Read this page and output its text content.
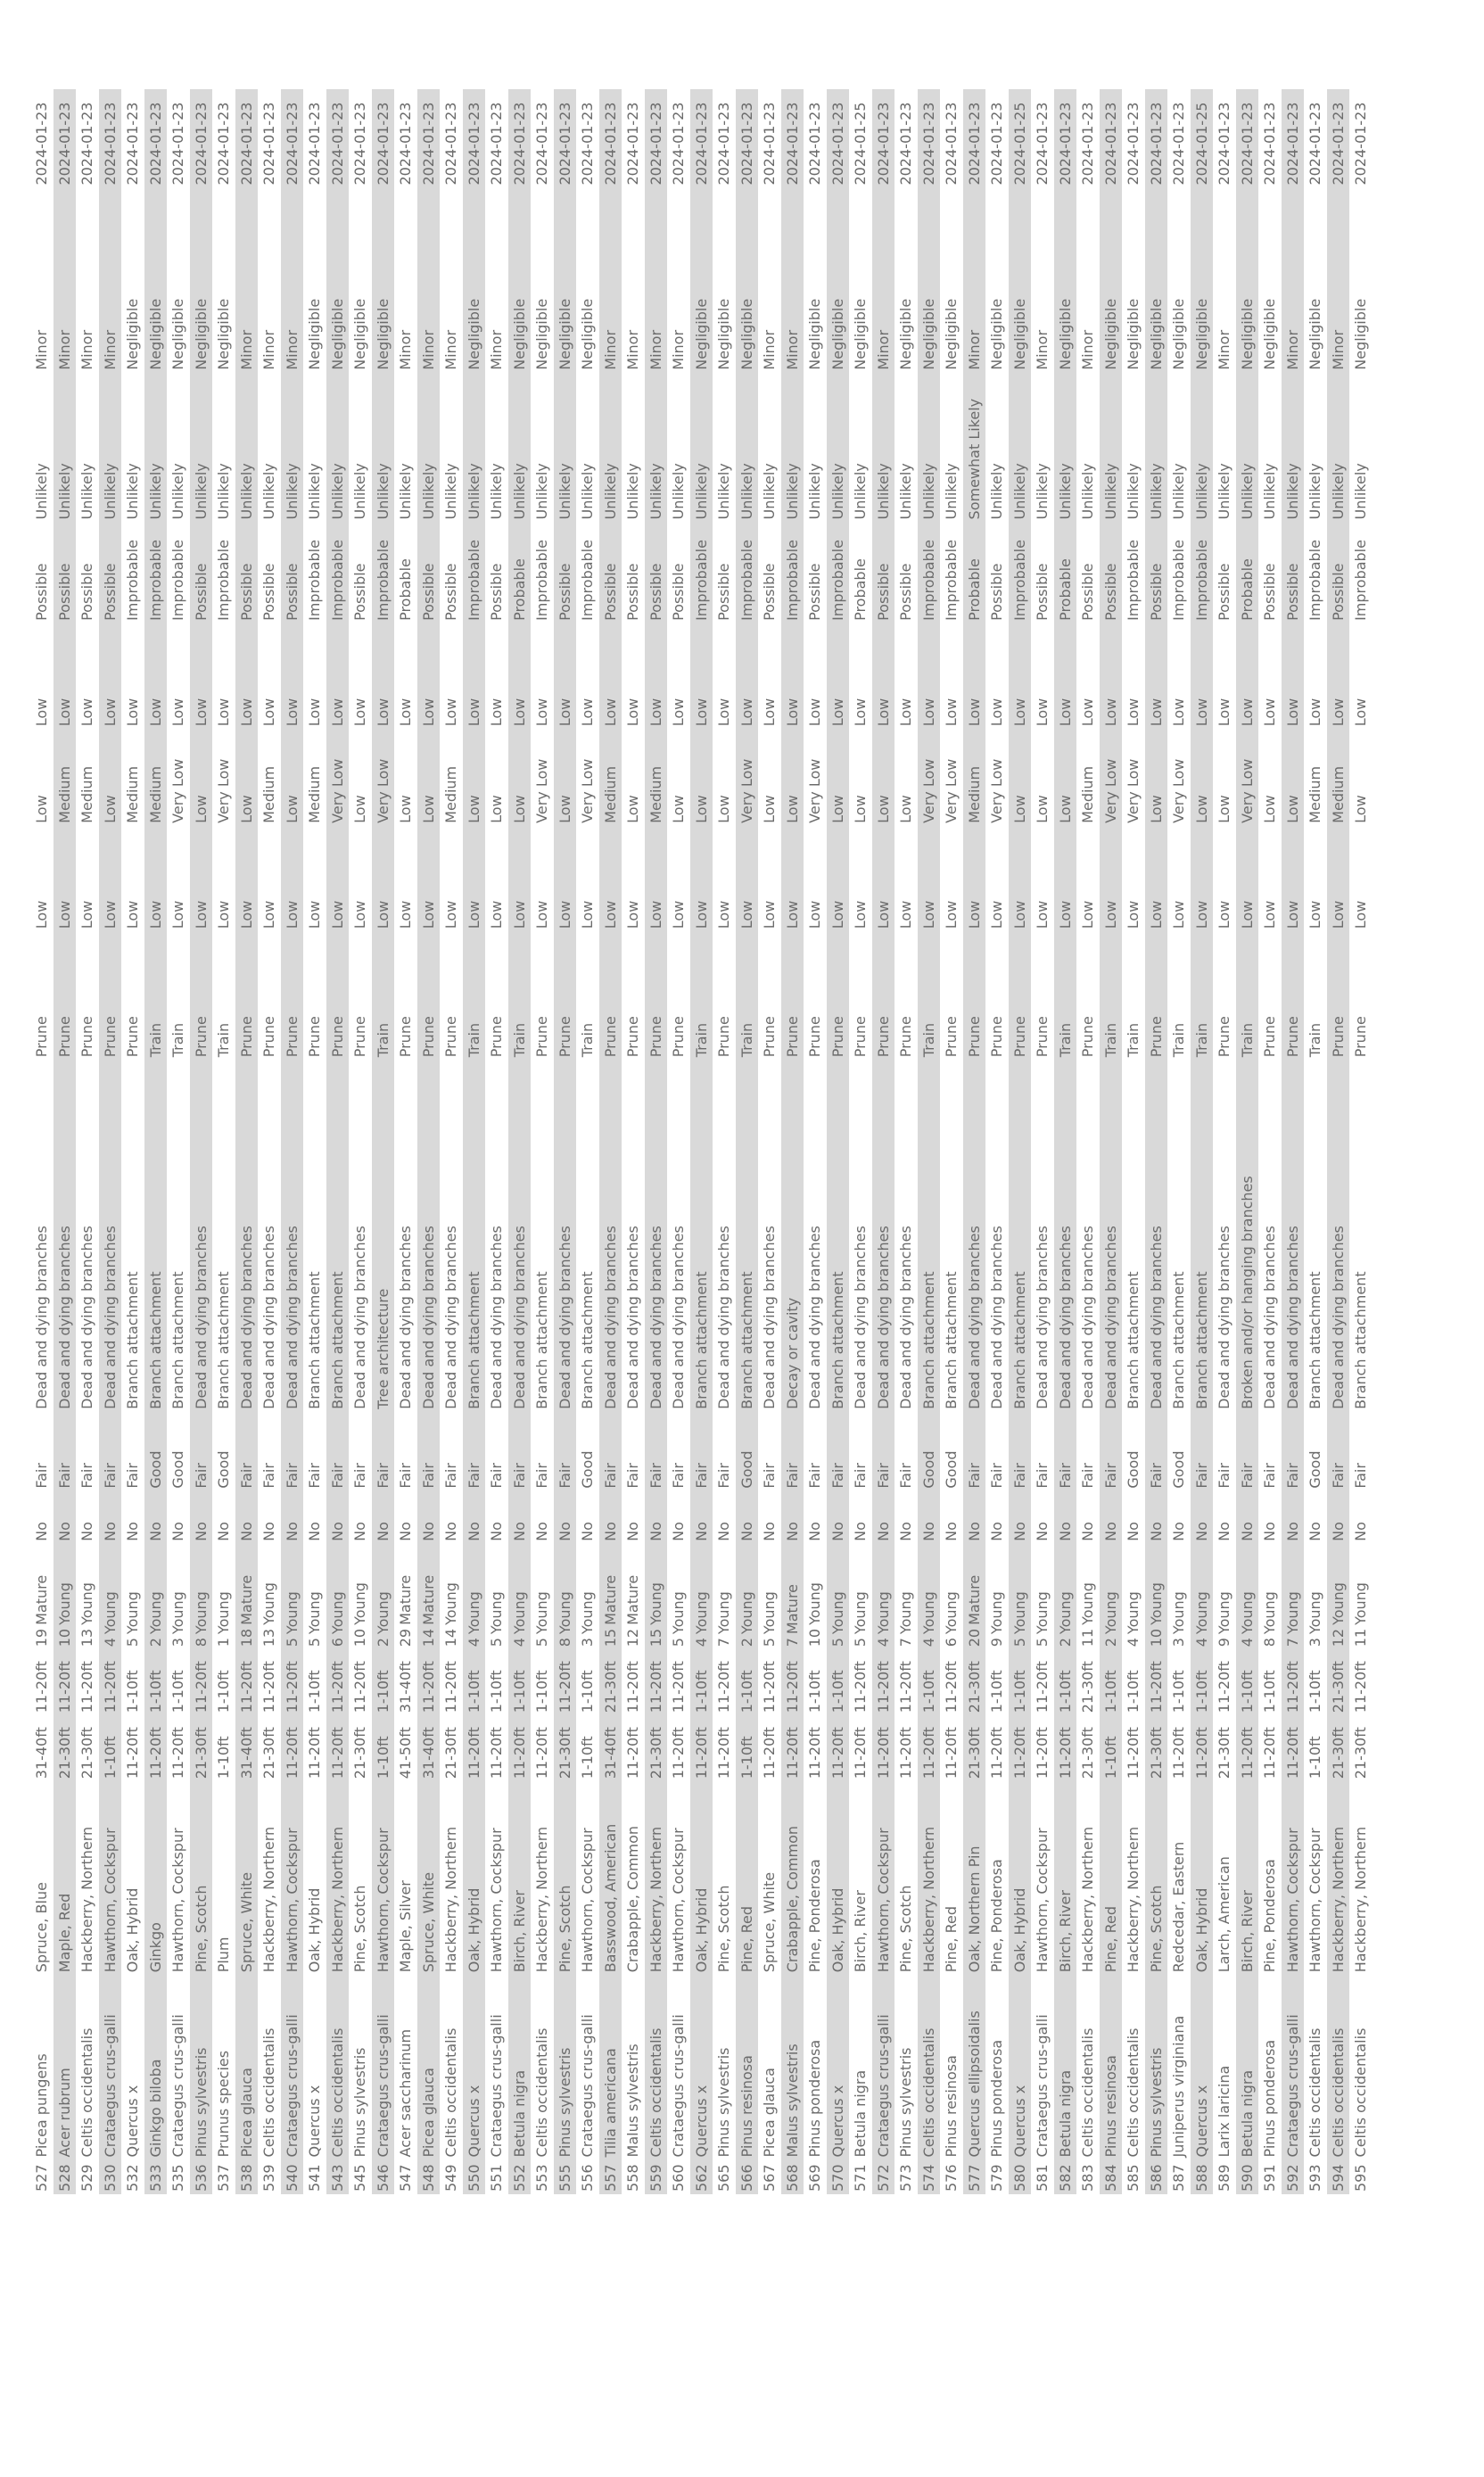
527
Picea pungens
Spruce, Blue
31-40ft
11-20ft
19Mature
No
Fair
Dead and dying branches
Prune
Low
Low
Low
Possible
Unlikely
Minor
2024-01-23
528
Acer rubrum
Maple, Red
21-30ft
11-20ft
10Young
No
Fair
Dead and dying branches
Prune
Low
Medium
Low
Possible
Unlikely
Minor
2024-01-23
529
Celtis occidentalis
Hackberry, Northern
21-30ft
11-20ft
13Young
No
Fair
Dead and dying branches
Prune
Low
Medium
Low
Possible
Unlikely
Minor
2024-01-23
530
Crataegus crus-galli
Hawthorn, Cockspur
1-10ft
11-20ft
4Young
No
Fair
Dead and dying branches
Prune
Low
Low
Low
Possible
Unlikely
Minor
2024-01-23
532
Quercus x
Oak, Hybrid
11-20ft
1-10ft
5Young
No
Fair
Branch attachment
Prune
Low
Medium
Low
Improbable
Unlikely
Negligible
2024-01-23
533
Ginkgo biloba
Ginkgo
11-20ft
1-10ft
2Young
No
Good
Branch attachment
Train
Low
Medium
Low
Improbable
Unlikely
Negligible
2024-01-23
535
Crataegus crus-galli
Hawthorn, Cockspur
11-20ft
1-10ft
3Young
No
Good
Branch attachment
Train
Low
Very Low
Low
Improbable
Unlikely
Negligible
2024-01-23
536
Pinus sylvestris
Pine, Scotch
21-30ft
11-20ft
8Young
No
Fair
Dead and dying branches
Prune
Low
Low
Low
Possible
Unlikely
Negligible
2024-01-23
537
Prunus species
Plum
1-10ft
1-10ft
1Young
No
Good
Branch attachment
Train
Low
Very Low
Low
Improbable
Unlikely
Negligible
2024-01-23
538
Picea glauca
Spruce, White
31-40ft
11-20ft
18Mature
No
Fair
Dead and dying branches
Prune
Low
Low
Low
Possible
Unlikely
Minor
2024-01-23
539
Celtis occidentalis
Hackberry, Northern
21-30ft
11-20ft
13Young
No
Fair
Dead and dying branches
Prune
Low
Medium
Low
Possible
Unlikely
Minor
2024-01-23
540
Crataegus crus-galli
Hawthorn, Cockspur
11-20ft
11-20ft
5Young
No
Fair
Dead and dying branches
Prune
Low
Low
Low
Possible
Unlikely
Minor
2024-01-23
541
Quercus x
Oak, Hybrid
11-20ft
1-10ft
5Young
No
Fair
Branch attachment
Prune
Low
Medium
Low
Improbable
Unlikely
Negligible
2024-01-23
543
Celtis occidentalis
Hackberry, Northern
11-20ft
11-20ft
6Young
No
Fair
Branch attachment
Prune
Low
Very Low
Low
Improbable
Unlikely
Negligible
2024-01-23
545
Pinus sylvestris
Pine, Scotch
21-30ft
11-20ft
10Young
No
Fair
Dead and dying branches
Prune
Low
Low
Low
Possible
Unlikely
Negligible
2024-01-23
546
Crataegus crus-galli
Hawthorn, Cockspur
1-10ft
1-10ft
2Young
No
Fair
Tree architecture
Train
Low
Very Low
Low
Improbable
Unlikely
Negligible
2024-01-23
547
Acer saccharinum
Maple, Silver
41-50ft
31-40ft
29Mature
No
Fair
Dead and dying branches
Prune
Low
Low
Low
Probable
Unlikely
Minor
2024-01-23
548
Picea glauca
Spruce, White
31-40ft
11-20ft
14Mature
No
Fair
Dead and dying branches
Prune
Low
Low
Low
Possible
Unlikely
Minor
2024-01-23
549
Celtis occidentalis
Hackberry, Northern
21-30ft
11-20ft
14Young
No
Fair
Dead and dying branches
Prune
Low
Medium
Low
Possible
Unlikely
Minor
2024-01-23
550
Quercus x
Oak, Hybrid
11-20ft
1-10ft
4Young
No
Fair
Branch attachment
Train
Low
Low
Low
Improbable
Unlikely
Negligible
2024-01-23
551
Crataegus crus-galli
Hawthorn, Cockspur
11-20ft
1-10ft
5Young
No
Fair
Dead and dying branches
Prune
Low
Low
Low
Possible
Unlikely
Minor
2024-01-23
552
Betula nigra
Birch, River
11-20ft
1-10ft
4Young
No
Fair
Dead and dying branches
Train
Low
Low
Low
Probable
Unlikely
Negligible
2024-01-23
553
Celtis occidentalis
Hackberry, Northern
11-20ft
1-10ft
5Young
No
Fair
Branch attachment
Prune
Low
Very Low
Low
Improbable
Unlikely
Negligible
2024-01-23
555
Pinus sylvestris
Pine, Scotch
21-30ft
11-20ft
8Young
No
Fair
Dead and dying branches
Prune
Low
Low
Low
Possible
Unlikely
Negligible
2024-01-23
556
Crataegus crus-galli
Hawthorn, Cockspur
1-10ft
1-10ft
3Young
No
Good
Branch attachment
Train
Low
Very Low
Low
Improbable
Unlikely
Negligible
2024-01-23
557
Tilia americana
Basswood, American
31-40ft
21-30ft
15Mature
No
Fair
Dead and dying branches
Prune
Low
Medium
Low
Possible
Unlikely
Minor
2024-01-23
558
Malus sylvestris
Crabapple, Common
11-20ft
11-20ft
12Mature
No
Fair
Dead and dying branches
Prune
Low
Low
Low
Possible
Unlikely
Minor
2024-01-23
559
Celtis occidentalis
Hackberry, Northern
21-30ft
11-20ft
15Young
No
Fair
Dead and dying branches
Prune
Low
Medium
Low
Possible
Unlikely
Minor
2024-01-23
560
Crataegus crus-galli
Hawthorn, Cockspur
11-20ft
11-20ft
5Young
No
Fair
Dead and dying branches
Prune
Low
Low
Low
Possible
Unlikely
Minor
2024-01-23
562
Quercus x
Oak, Hybrid
11-20ft
1-10ft
4Young
No
Fair
Branch attachment
Train
Low
Low
Low
Improbable
Unlikely
Negligible
2024-01-23
565
Pinus sylvestris
Pine, Scotch
11-20ft
11-20ft
7Young
No
Fair
Dead and dying branches
Prune
Low
Low
Low
Possible
Unlikely
Negligible
2024-01-23
566
Pinus resinosa
Pine, Red
1-10ft
1-10ft
2Young
No
Good
Branch attachment
Train
Low
Very Low
Low
Improbable
Unlikely
Negligible
2024-01-23
567
Picea glauca
Spruce, White
11-20ft
11-20ft
5Young
No
Fair
Dead and dying branches
Prune
Low
Low
Low
Possible
Unlikely
Minor
2024-01-23
568
Malus sylvestris
Crabapple, Common
11-20ft
11-20ft
7Mature
No
Fair
Decay or cavity
Prune
Low
Low
Low
Improbable
Unlikely
Minor
2024-01-23
569
Pinus ponderosa
Pine, Ponderosa
11-20ft
1-10ft
10Young
No
Fair
Dead and dying branches
Prune
Low
Very Low
Low
Possible
Unlikely
Negligible
2024-01-23
570
Quercus x
Oak, Hybrid
11-20ft
1-10ft
5Young
No
Fair
Branch attachment
Prune
Low
Low
Low
Improbable
Unlikely
Negligible
2024-01-23
571
Betula nigra
Birch, River
11-20ft
11-20ft
5Young
No
Fair
Dead and dying branches
Prune
Low
Low
Low
Probable
Unlikely
Negligible
2024-01-25
572
Crataegus crus-galli
Hawthorn, Cockspur
11-20ft
11-20ft
4Young
No
Fair
Dead and dying branches
Prune
Low
Low
Low
Possible
Unlikely
Minor
2024-01-23
573
Pinus sylvestris
Pine, Scotch
11-20ft
11-20ft
7Young
No
Fair
Dead and dying branches
Prune
Low
Low
Low
Possible
Unlikely
Negligible
2024-01-23
574
Celtis occidentalis
Hackberry, Northern
11-20ft
1-10ft
4Young
No
Good
Branch attachment
Train
Low
Very Low
Low
Improbable
Unlikely
Negligible
2024-01-23
576
Pinus resinosa
Pine, Red
11-20ft
11-20ft
6Young
No
Good
Branch attachment
Prune
Low
Very Low
Low
Improbable
Unlikely
Negligible
2024-01-23
577
Quercus ellipsoidalis
Oak, Northern Pin
21-30ft
21-30ft
20Mature
No
Fair
Dead and dying branches
Prune
Low
Medium
Low
Probable
Somewhat Likely
Minor
2024-01-23
579
Pinus ponderosa
Pine, Ponderosa
11-20ft
1-10ft
9Young
No
Fair
Dead and dying branches
Prune
Low
Very Low
Low
Possible
Unlikely
Negligible
2024-01-23
580
Quercus x
Oak, Hybrid
11-20ft
1-10ft
5Young
No
Fair
Branch attachment
Prune
Low
Low
Low
Improbable
Unlikely
Negligible
2024-01-25
581
Crataegus crus-galli
Hawthorn, Cockspur
11-20ft
11-20ft
5Young
No
Fair
Dead and dying branches
Prune
Low
Low
Low
Possible
Unlikely
Minor
2024-01-23
582
Betula nigra
Birch, River
11-20ft
1-10ft
2Young
No
Fair
Dead and dying branches
Train
Low
Low
Low
Probable
Unlikely
Negligible
2024-01-23
583
Celtis occidentalis
Hackberry, Northern
21-30ft
21-30ft
11Young
No
Fair
Dead and dying branches
Prune
Low
Medium
Low
Possible
Unlikely
Minor
2024-01-23
584
Pinus resinosa
Pine, Red
1-10ft
1-10ft
2Young
No
Fair
Dead and dying branches
Train
Low
Very Low
Low
Possible
Unlikely
Negligible
2024-01-23
585
Celtis occidentalis
Hackberry, Northern
11-20ft
1-10ft
4Young
No
Good
Branch attachment
Train
Low
Very Low
Low
Improbable
Unlikely
Negligible
2024-01-23
586
Pinus sylvestris
Pine, Scotch
21-30ft
11-20ft
10Young
No
Fair
Dead and dying branches
Prune
Low
Low
Low
Possible
Unlikely
Negligible
2024-01-23
587
Juniperus virginiana
Redcedar, Eastern
11-20ft
1-10ft
3Young
No
Good
Branch attachment
Train
Low
Very Low
Low
Improbable
Unlikely
Negligible
2024-01-23
588
Quercus x
Oak, Hybrid
11-20ft
1-10ft
4Young
No
Fair
Branch attachment
Train
Low
Low
Low
Improbable
Unlikely
Negligible
2024-01-25
589
Larix laricina
Larch, American
21-30ft
11-20ft
9Young
No
Fair
Dead and dying branches
Prune
Low
Low
Low
Possible
Unlikely
Minor
2024-01-23
590
Betula nigra
Birch, River
11-20ft
1-10ft
4Young
No
Fair
Broken and/or hanging branches
Train
Low
Very Low
Low
Probable
Unlikely
Negligible
2024-01-23
591
Pinus ponderosa
Pine, Ponderosa
11-20ft
1-10ft
8Young
No
Fair
Dead and dying branches
Prune
Low
Low
Low
Possible
Unlikely
Negligible
2024-01-23
592
Crataegus crus-galli
Hawthorn, Cockspur
11-20ft
11-20ft
7Young
No
Fair
Dead and dying branches
Prune
Low
Low
Low
Possible
Unlikely
Minor
2024-01-23
593
Celtis occidentalis
Hawthorn, Cockspur
1-10ft
1-10ft
3Young
No
Good
Branch attachment
Train
Low
Medium
Low
Improbable
Unlikely
Negligible
2024-01-23
594
Celtis occidentalis
Hackberry, Northern
21-30ft
21-30ft
12Young
No
Fair
Dead and dying branches
Prune
Low
Medium
Low
Possible
Unlikely
Minor
2024-01-23
595
Celtis occidentalis
Hackberry, Northern
21-30ft
11-20ft
11Young
No
Fair
Branch attachment
Prune
Low
Low
Low
Improbable
Unlikely
Negligible
2024-01-23
